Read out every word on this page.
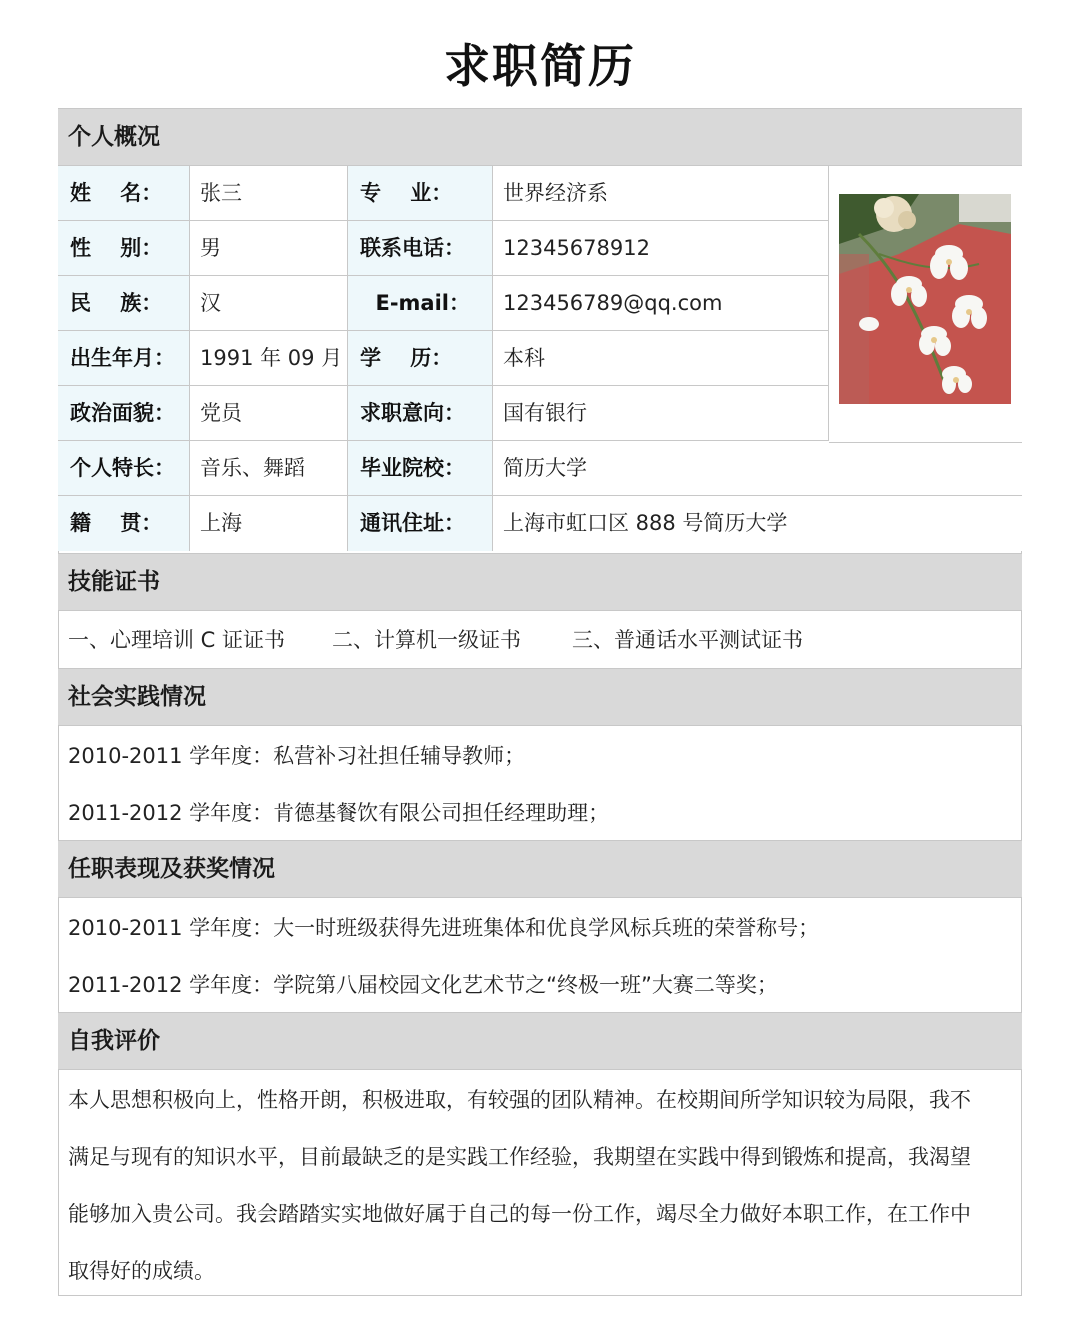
求职简历
个人概况
姓    名：	张三	专    业：	世界经济系
性    别：	男	联系电话：	12345678912
民    族：	汉	E-mail：	123456789@qq.com
出生年月：	1991 年 09 月 学    历：	本科
政治面貌：	党员	求职意向：	国有银行
个人特长：	音乐、舞蹈	毕业院校：	简历大学
籍    贯：	上海	通讯住址：	上海市虹口区 888 号简历大学
技能证书
一、心理培训 C 证证书 二、计算机一级证书 三、普通话水平测试证书
社会实践情况
2010-2011 学年度：私营补习社担任辅导教师；
2011-2012 学年度：肯德基餐饮有限公司担任经理助理；
任职表现及获奖情况
2010-2011 学年度：大一时班级获得先进班集体和优良学风标兵班的荣誉称号；
2011-2012 学年度：学院第八届校园文化艺术节之“终极一班”大赛二等奖；
自我评价
本人思想积极向上，性格开朗，积极进取，有较强的团队精神。在校期间所学知识较为局限，我不
满足与现有的知识水平，目前最缺乏的是实践工作经验，我期望在实践中得到锻炼和提高，我渴望
能够加入贵公司。我会踏踏实实地做好属于自己的每一份工作，竭尽全力做好本职工作，在工作中
取得好的成绩。
